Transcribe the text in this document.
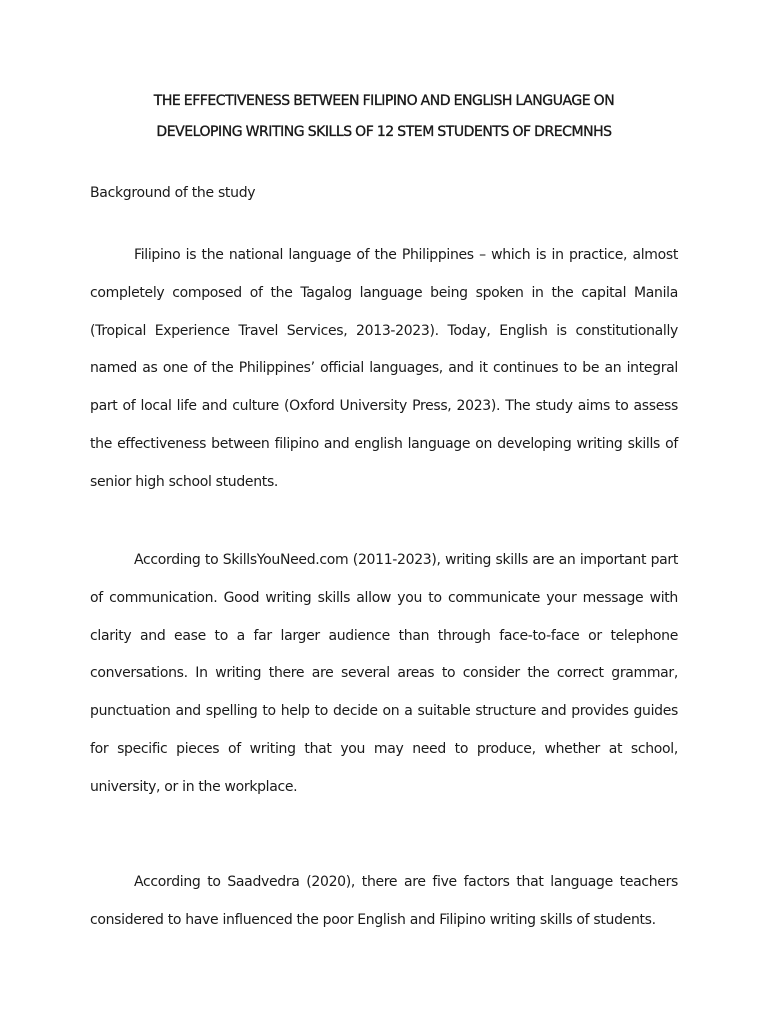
THE EFFECTIVENESS BETWEEN FILIPINO AND ENGLISH LANGUAGE ON
DEVELOPING WRITING SKILLS OF 12 STEM STUDENTS OF DRECMNHS
Background of the study

Filipino is the national language of the Philippines – which is in practice, almost completely composed of the Tagalog language being spoken in the capital Manila (Tropical Experience Travel Services, 2013-2023). Today, English is constitutionally named as one of the Philippines’ official languages, and it continues to be an integral part of local life and culture (Oxford University Press, 2023). The study aims to assess the effectiveness between filipino and english language on developing writing skills of senior high school students.

According to SkillsYouNeed.com (2011-2023), writing skills are an important part of communication. Good writing skills allow you to communicate your message with clarity and ease to a far larger audience than through face-to-face or telephone conversations. In writing there are several areas to consider the correct grammar, punctuation and spelling to help to decide on a suitable structure and provides guides for specific pieces of writing that you may need to produce, whether at school, university, or in the workplace.

According to Saadvedra (2020), there are five factors that language teachers considered to have influenced the poor English and Filipino writing skills of students.
